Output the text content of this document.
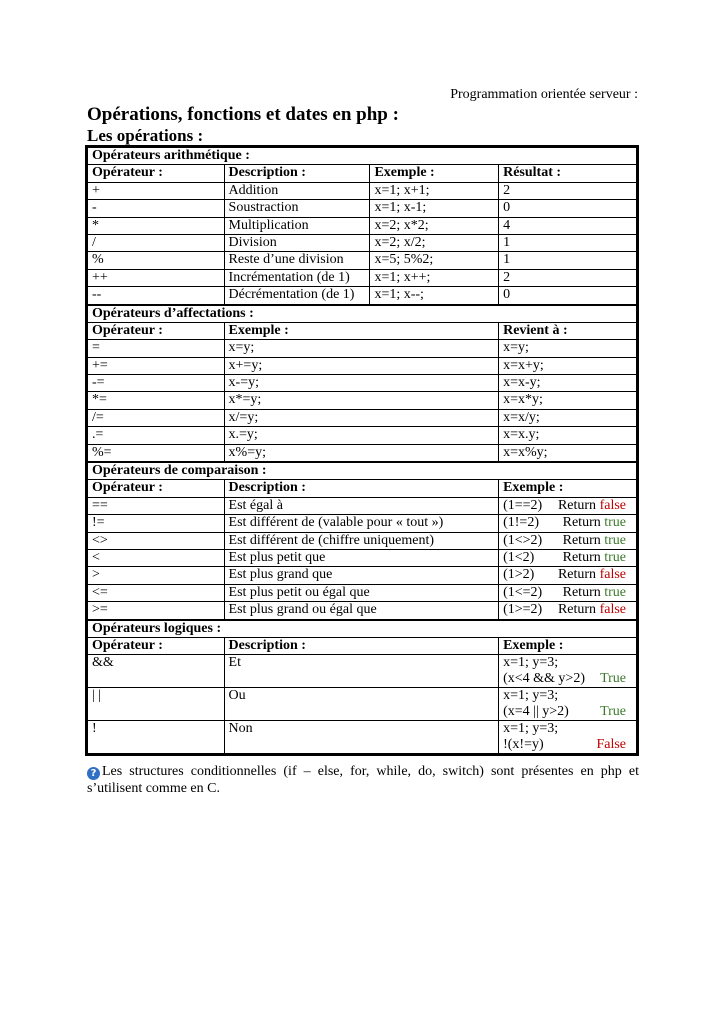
Programmation orientée serveur :
Opérations, fonctions et dates en php :
Les opérations :
Opérateurs arithmétique :			
Opérateur :	Description :	Exemple :	Résultat :
+	Addition	x=1; x+1;	2
-	Soustraction	x=1; x-1;	0
*	Multiplication	x=2; x*2;	4
/	Division	x=2; x/2;	1
%	Reste d’une division	x=5; 5%2;	1
++	Incrémentation (de 1)	x=1; x++;	2
--	Décrémentation (de 1)	x=1; x--;	0
Opérateurs d’affectations :			
Opérateur :	Exemple :		Revient à :
=	x=y;		x=y;
+=	x+=y;		x=x+y;
-=	x-=y;		x=x-y;
*=	x*=y;		x=x*y;
/=	x/=y;		x=x/y;
.=	x.=y;		x=x.y;
%=	x%=y;		x=x%y;
Opérateurs de comparaison :			
Opérateur :	Description :		Exemple :
==	Est égal à		(1==2) Return false

!=	Est différent de (valable pour « tout »)		(1!=2) Return true

<>	Est différent de (chiffre uniquement)		(1<>2) Return true

<	Est plus petit que		(1<2) Return true

>	Est plus grand que		(1>2) Return false

<=	Est plus petit ou égal que		(1<=2) Return true

>=	Est plus grand ou égal que		(1>=2) Return false

Opérateurs logiques :			
Opérateur :	Description :		Exemple :
&&	Et		x=1; y=3;
(x<4 && y>2) True

| |	Ou		x=1; y=3;
(x=4 || y>2) True

!	Non		x=1; y=3;
!(x!=y) False
? Les structures conditionnelles (if – else, for, while, do, switch) sont présentes en php et s’utilisent comme en C.
